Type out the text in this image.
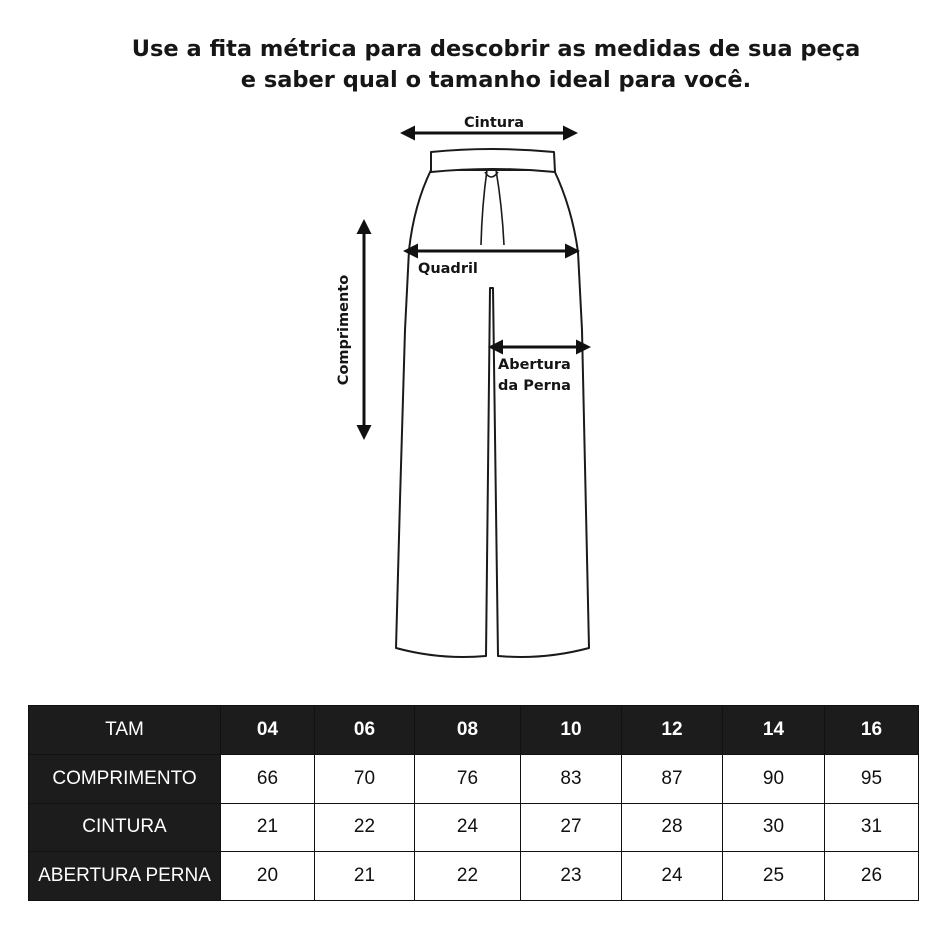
Use a fita métrica para descobrir as medidas de sua peça
e saber qual o tamanho ideal para você.
Cintura
Quadril
Comprimento	Abertura
da Perna
TAM	04	06	08	10	12	14	16
COMPRIMENTO	66	70	76	83	87	90	95
CINTURA	21	22	24	27	28	30	31
ABERTURA PERNA	20	21	22	23	24	25	26
